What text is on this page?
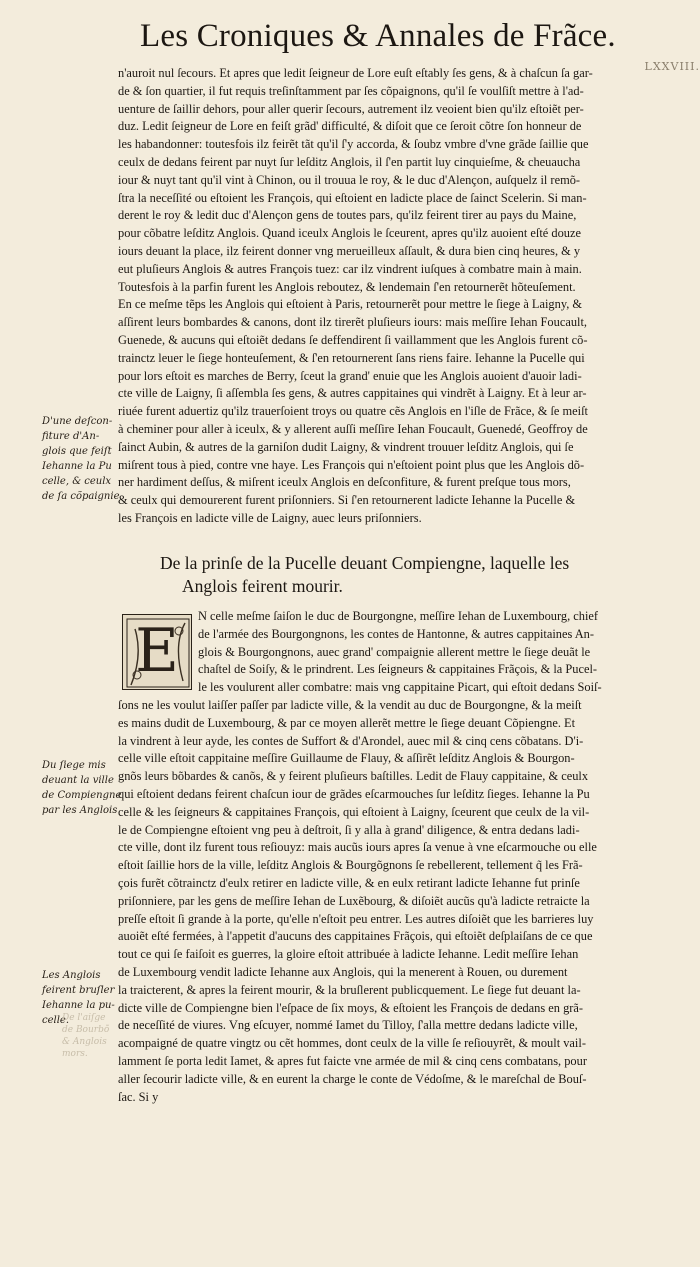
Les Croniques & Annales de Frãce.
LXXVIII.
n'auroit nul ſecours. Et apres que ledit ſeigneur de Lore euſt eſtably ſes gens, & à chaſcun ſa gar-
de & ſon quartier, il fut requis treſinſtamment par ſes cõpaignons, qu'il ſe voulſiſt mettre à l'ad-
uenture de ſaillir dehors, pour aller querir ſecours, autrement ilz veoient bien qu'ilz eſtoiẽt per-
duz. Ledit ſeigneur de Lore en feiſt grãd' difficulté, & diſoit que ce ſeroit cõtre ſon honneur de
les habandonner: toutesfois ilz feirẽt tãt qu'il ſ'y accorda, & ſoubz vmbre d'vne grãde ſaillie que
ceulx de dedans feirent par nuyt ſur leſditz Anglois, il ſ'en partit luy cinquieſme, & cheuaucha
iour & nuyt tant qu'il vint à Chinon, ou il trouua le roy, & le duc d'Alençon, auſquelz il remõ-
ſtra la neceſſité ou eſtoient les François, qui eſtoient en ladicte place de ſainct Scelerin. Si man-
derent le roy & ledit duc d'Alençon gens de toutes pars, qu'ilz feirent tirer au pays du Maine,
pour cõbatre leſditz Anglois. Quand iceulx Anglois le ſceurent, apres qu'ilz auoient eſté douze
iours deuant la place, ilz feirent donner vng merueilleux aſſault, & dura bien cinq heures, & y
eut pluſieurs Anglois & autres François tuez: car ilz vindrent iuſques à combatre main à main.
Toutesfois à la parfin furent les Anglois reboutez, & lendemain ſ'en retournerẽt hõteuſement.
En ce meſme tẽps les Anglois qui eſtoient à Paris, retournerẽt pour mettre le ſiege à Laigny, &
aſſirent leurs bombardes & canons, dont ilz tirerẽt pluſieurs iours: mais meſſire Iehan Foucault,
Guenede, & aucuns qui eſtoiẽt dedans ſe deffendirent ſi vaillamment que les Anglois furent cõ-
trainctz leuer le ſiege honteuſement, & ſ'en retournerent ſans riens faire. Iehanne la Pucelle qui
pour lors eſtoit es marches de Berry, ſceut la grand' enuie que les Anglois auoient d'auoir ladi-
cte ville de Laigny, ſi aſſembla ſes gens, & autres cappitaines qui vindrẽt à Laigny. Et à leur ar-
riuée furent aduertiz qu'ilz trauerſoient troys ou quatre cẽs Anglois en l'iſle de Frãce, & ſe meiſt
à cheminer pour aller à iceulx, & y allerent auſſi meſſire Iehan Foucault, Guenedé, Geoffroy de
ſainct Aubin, & autres de la garniſon dudit Laigny, & vindrent trouuer leſditz Anglois, qui ſe
miſrent tous à pied, contre vne haye. Les François qui n'eſtoient point plus que les Anglois dõ-
ner hardiment deſſus, & miſrent iceulx Anglois en deſconfiture, & furent preſque tous mors,
& ceulx qui demourerent furent priſonniers. Si ſ'en retournerent ladicte Iehanne la Pucelle &
les François en ladicte ville de Laigny, auec leurs priſonniers.
De la prinſe de la Pucelle deuant Compiengne, laquelle les
Anglois feirent mourir.
E	N celle meſme ſaiſon le duc de Bourgongne, meſſire Iehan de Luxembourg, chief
de l'armée des Bourgongnons, les contes de Hantonne, & autres cappitaines An-
glois & Bourgongnons, auec grand' compaignie allerent mettre le ſiege deuãt le
chaſtel de Soiſy, & le prindrent. Les ſeigneurs & cappitaines Frãçois, & la Pucel-
le les voulurent aller combatre: mais vng cappitaine Picart, qui eſtoit dedans Soiſ-
ſons ne les voulut laiſſer paſſer par ladicte ville, & la vendit au duc de Bourgongne, & la meiſt
es mains dudit de Luxembourg, & par ce moyen allerẽt mettre le ſiege deuant Cõpiengne. Et
la vindrent à leur ayde, les contes de Suffort & d'Arondel, auec mil & cinq cens cõbatans. D'i-
celle ville eſtoit cappitaine meſſire Guillaume de Flauy, & aſſirẽt leſditz Anglois & Bourgon-
gnõs leurs bõbardes & canõs, & y feirent pluſieurs baſtilles. Ledit de Flauy cappitaine, & ceulx
qui eſtoient dedans feirent chaſcun iour de grãdes eſcarmouches ſur leſditz ſieges. Iehanne la Pu
celle & les ſeigneurs & cappitaines François, qui eſtoient à Laigny, ſceurent que ceulx de la vil-
le de Compiengne eſtoient vng peu à deſtroit, ſi y alla à grand' diligence, & entra dedans ladi-
cte ville, dont ilz furent tous reſiouyz: mais aucũs iours apres ſa venue à vne eſcarmouche ou elle
eſtoit ſaillie hors de la ville, leſditz Anglois & Bourgõgnons ſe rebellerent, tellement q̃ les Frã-
çois furẽt cõtrainctz d'eulx retirer en ladicte ville, & en eulx retirant ladicte Iehanne fut prinſe
priſonniere, par les gens de meſſire Iehan de Luxẽbourg, & diſoiẽt aucũs qu'à ladicte retraicte la
preſſe eſtoit ſi grande à la porte, qu'elle n'eſtoit peu entrer. Les autres diſoiẽt que les barrieres luy
auoiẽt eſté fermées, à l'appetit d'aucuns des cappitaines Frãçois, qui eſtoiẽt deſplaiſans de ce que
tout ce qui ſe faiſoit es guerres, la gloire eſtoit attribuée à ladicte Iehanne. Ledit meſſire Iehan
de Luxembourg vendit ladicte Iehanne aux Anglois, qui la menerent à Rouen, ou durement
la traicterent, & apres la feirent mourir, & la bruſlerent publicquement. Le ſiege fut deuant la-
dicte ville de Compiengne bien l'eſpace de ſix moys, & eſtoient les François de dedans en grã-
de neceſſité de viures. Vng eſcuyer, nommé Iamet du Tilloy, ſ'alla mettre dedans ladicte ville,
acompaigné de quatre vingtz ou cẽt hommes, dont ceulx de la ville ſe reſiouyrẽt, & moult vail-
lamment ſe porta ledit Iamet, & apres fut faicte vne armée de mil & cinq cens combatans, pour
aller ſecourir ladicte ville, & en eurent la charge le conte de Védoſme, & le mareſchal de Bouſ-
ſac. Si y
D'une deſcon-
fiture d'An-
glois que feiſt
Iehanne la Pu
celle, & ceulx
de ſa cõpaignie
Du ſiege mis
deuant la ville
de Compiengne
par les Anglois
Les Anglois
feirent bruſler
Iehanne la pu-
celle.
De l'aiſge
de Bourbõ
& Anglois
mors.
